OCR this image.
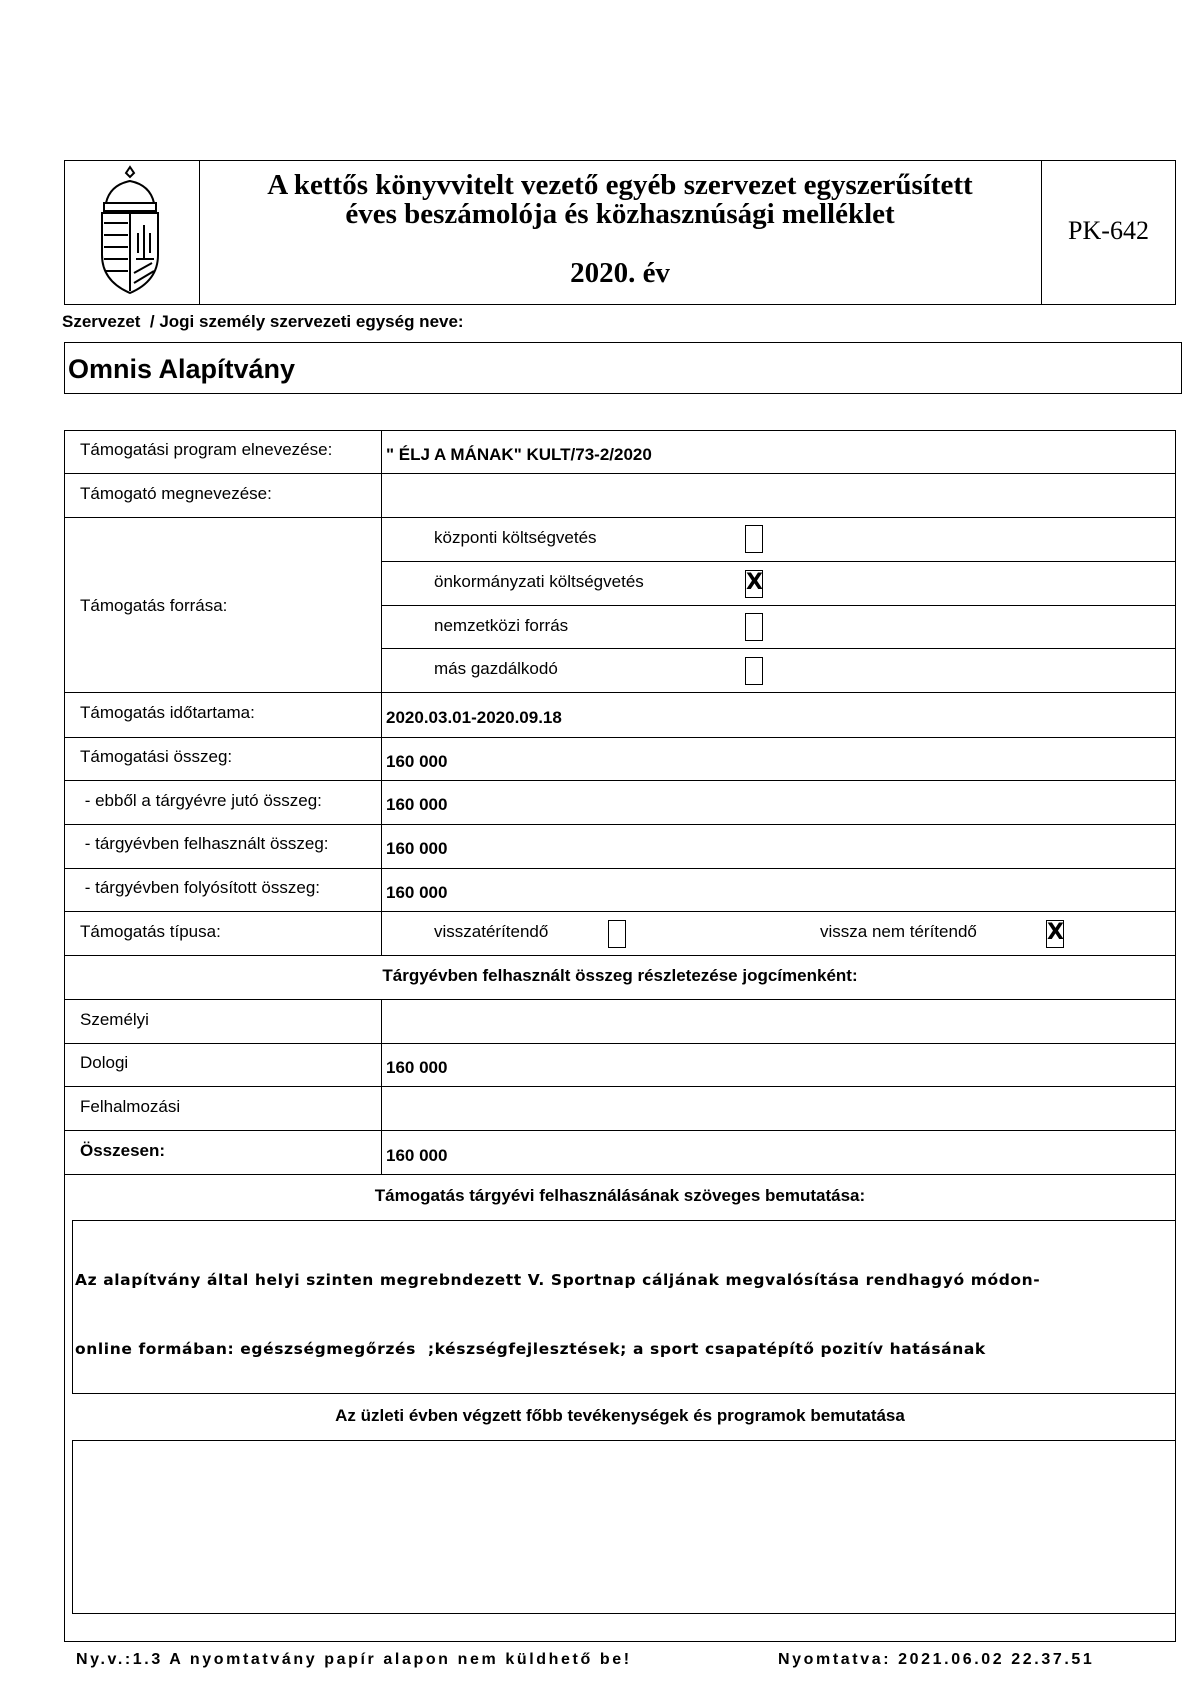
A kettős könyvvitelt vezető egyéb szervezet egyszerűsített
éves beszámolója és közhasznúsági melléklet
2020. év
PK-642
Szervezet  / Jogi személy szervezeti egység neve:
Omnis Alapítvány
Támogatási program elnevezése:	" ÉLJ A MÁNAK" KULT/73-2/2020
Támogató megnevezése:
Támogatás forrása:
központi költségvetés
önkormányzati költségvetés	X
nemzetközi forrás
más gazdálkodó
Támogatás időtartama:	2020.03.01-2020.09.18
Támogatási összeg:	160 000
- ebből a tárgyévre jutó összeg:	160 000
- tárgyévben felhasznált összeg:	160 000
- tárgyévben folyósított összeg:	160 000
Támogatás típusa:	visszatérítendő	vissza nem térítendő	X
Tárgyévben felhasznált összeg részletezése jogcímenként:
Személyi
Dologi	160 000
Felhalmozási
Összesen:	160 000
Támogatás tárgyévi felhasználásának szöveges bemutatása:

Az alapítvány által helyi szinten megrebndezett V. Sportnap cáljának megvalósítása rendhagyó módon-

online formában: egészségmegőrzés  ;készségfejlesztések; a sport csapatépítő pozitív hatásának

Az üzleti évben végzett főbb tevékenységek és programok bemutatása
Ny.v.:1.3 A nyomtatvány papír alapon nem küldhető be!	Nyomtatva: 2021.06.02 22.37.51
